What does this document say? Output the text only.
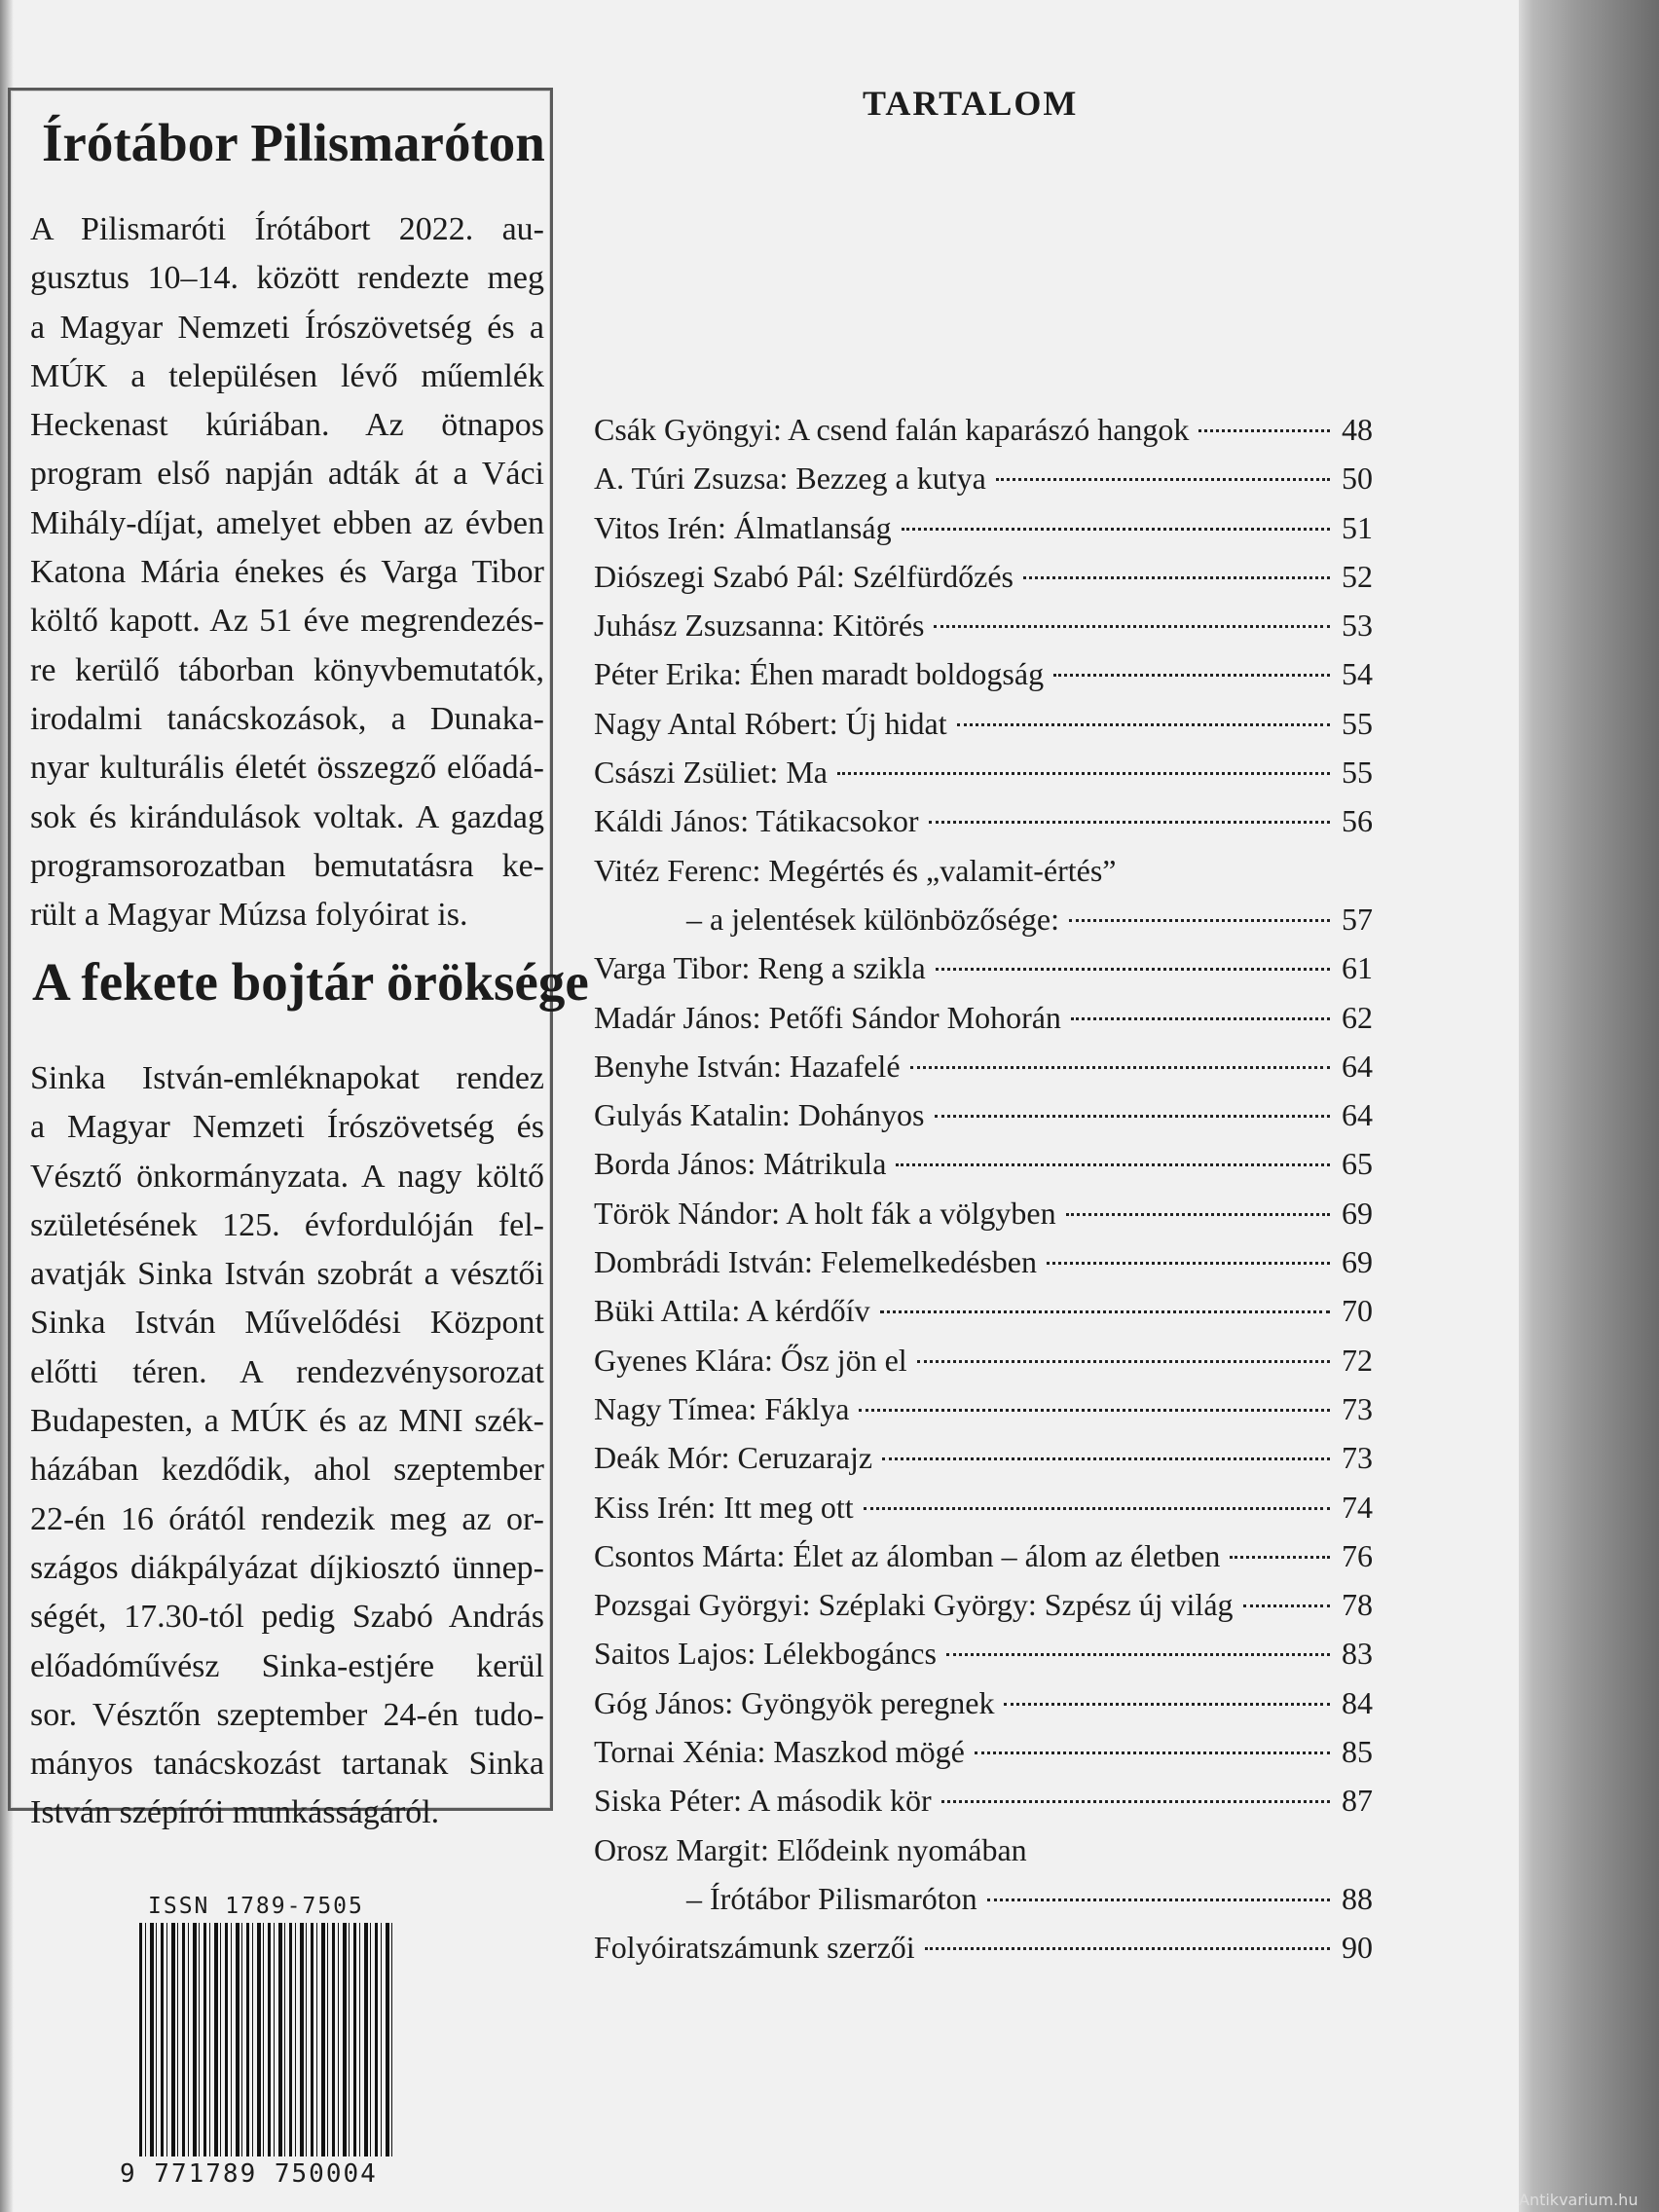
Írótábor Pilismaróton
A Pilismaróti Írótábort 2022. au-
gusztus 10–14. között rendezte meg
a Magyar Nemzeti Írószövetség és a
MÚK a településen lévő műemlék
Heckenast kúriában. Az ötnapos
program első napján adták át a Váci
Mihály-díjat, amelyet ebben az évben
Katona Mária énekes és Varga Tibor
költő kapott. Az 51 éve megrendezés-
re kerülő táborban könyvbemutatók,
irodalmi tanácskozások, a Dunaka-
nyar kulturális életét összegző előadá-
sok és kirándulások voltak. A gazdag
programsorozatban bemutatásra ke-
rült a Magyar Múzsa folyóirat is.
A fekete bojtár öröksége
Sinka István-emléknapokat rendez
a Magyar Nemzeti Írószövetség és
Vésztő önkormányzata. A nagy költő
születésének 125. évfordulóján fel-
avatják Sinka István szobrát a vésztői
Sinka István Művelődési Központ
előtti téren. A rendezvénysorozat
Budapesten, a MÚK és az MNI szék-
házában kezdődik, ahol szeptember
22-én 16 órától rendezik meg az or-
szágos diákpályázat díjkiosztó ünnep-
ségét, 17.30-tól pedig Szabó András
előadóművész Sinka-estjére kerül
sor. Vésztőn szeptember 24-én tudo-
mányos tanácskozást tartanak Sinka
István szépírói munkásságáról.
ISSN 1789-7505
9 771789 750004
TARTALOM
Csák Gyöngyi: A csend falán kaparászó hangok	48
A. Túri Zsuzsa: Bezzeg a kutya	50
Vitos Irén: Álmatlanság	51
Diószegi Szabó Pál: Szélfürdőzés	52
Juhász Zsuzsanna: Kitörés	53
Péter Erika: Éhen maradt boldogság	54
Nagy Antal Róbert: Új hidat	55
Császi Zsüliet: Ma	55
Káldi János: Tátikacsokor	56
Vitéz Ferenc: Megértés és „valamit-értés”
– a jelentések különbözősége:	57
Varga Tibor: Reng a szikla	61
Madár János: Petőfi Sándor Mohorán	62
Benyhe István: Hazafelé	64
Gulyás Katalin: Dohányos	64
Borda János: Mátrikula	65
Török Nándor: A holt fák a völgyben	69
Dombrádi István: Felemelkedésben	69
Büki Attila: A kérdőív	70
Gyenes Klára: Ősz jön el	72
Nagy Tímea: Fáklya	73
Deák Mór: Ceruzarajz	73
Kiss Irén: Itt meg ott	74
Csontos Márta: Élet az álomban – álom az életben	76
Pozsgai Györgyi: Széplaki György: Szpész új világ	78
Saitos Lajos: Lélekbogáncs	83
Góg János: Gyöngyök peregnek	84
Tornai Xénia: Maszkod mögé	85
Siska Péter: A második kör	87
Orosz Margit: Elődeink nyomában
– Írótábor Pilismaróton	88
Folyóiratszámunk szerzői	90
Antikvarium.hu
